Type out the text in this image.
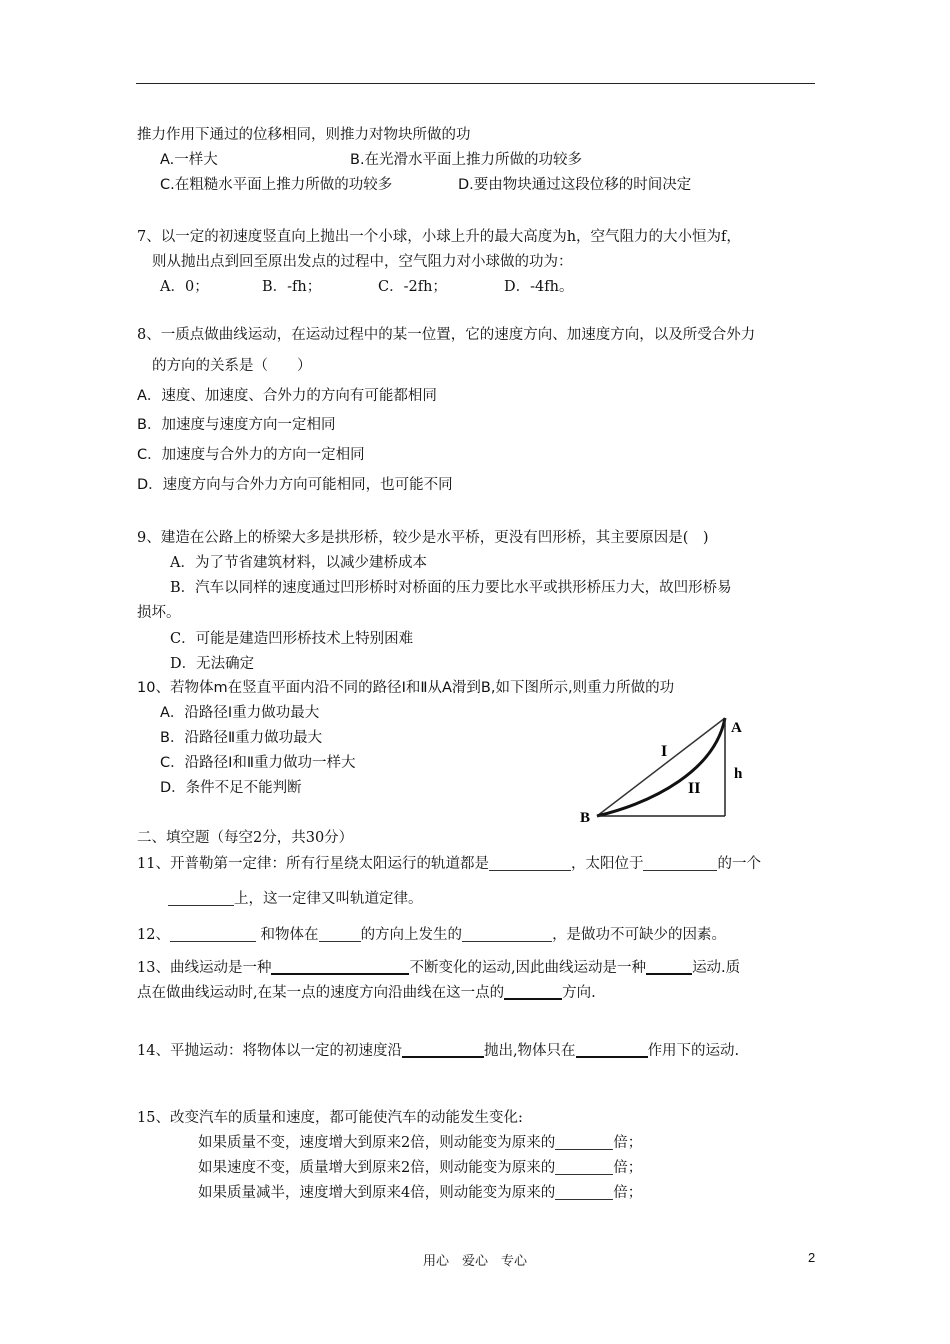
推力作用下通过的位移相同，则推力对物块所做的功
A.一样大	B.在光滑水平面上推力所做的功较多
C.在粗糙水平面上推力所做的功较多	D.要由物块通过这段位移的时间决定
7、以一定的初速度竖直向上抛出一个小球，小球上升的最大高度为h，空气阻力的大小恒为f，
则从抛出点到回至原出发点的过程中，空气阻力对小球做的功为：
A．0；	B．-fh；	C．-2fh；	D．-4fh。
8、一质点做曲线运动，在运动过程中的某一位置，它的速度方向、加速度方向，以及所受合外力
的方向的关系是（　　）
A．速度、加速度、合外力的方向有可能都相同
B．加速度与速度方向一定相同
C．加速度与合外力的方向一定相同
D．速度方向与合外力方向可能相同，也可能不同
9、建造在公路上的桥梁大多是拱形桥，较少是水平桥，更没有凹形桥，其主要原因是(　)
A．为了节省建筑材料，以减少建桥成本
B．汽车以同样的速度通过凹形桥时对桥面的压力要比水平或拱形桥压力大，故凹形桥易
损坏。
C．可能是建造凹形桥技术上特别困难
D．无法确定
10、若物体m在竖直平面内沿不同的路径Ⅰ和Ⅱ从A滑到B,如下图所示,则重力所做的功
A．沿路径Ⅰ重力做功最大
B．沿路径Ⅱ重力做功最大
C．沿路径Ⅰ和Ⅱ重力做功一样大
D．条件不足不能判断
A
B
h
I
II
二、填空题（每空2分，共30分）
11、开普勒第一定律：所有行星绕太阳运行的轨道都是	，太阳位于	的一个
上，这一定律又叫轨道定律。
12、	和物体在	的方向上发生的	，是做功不可缺少的因素。
13、曲线运动是一种	不断变化的运动,因此曲线运动是一种	运动.质
点在做曲线运动时,在某一点的速度方向沿曲线在这一点的	方向.
14、平抛运动：将物体以一定的初速度沿	抛出,物体只在	作用下的运动.
15、改变汽车的质量和速度，都可能使汽车的动能发生变化:
如果质量不变，速度增大到原来2倍，则动能变为原来的	倍；
如果速度不变，质量增大到原来2倍，则动能变为原来的	倍；
如果质量减半，速度增大到原来4倍，则动能变为原来的	倍；
用心　爱心　专心	2
